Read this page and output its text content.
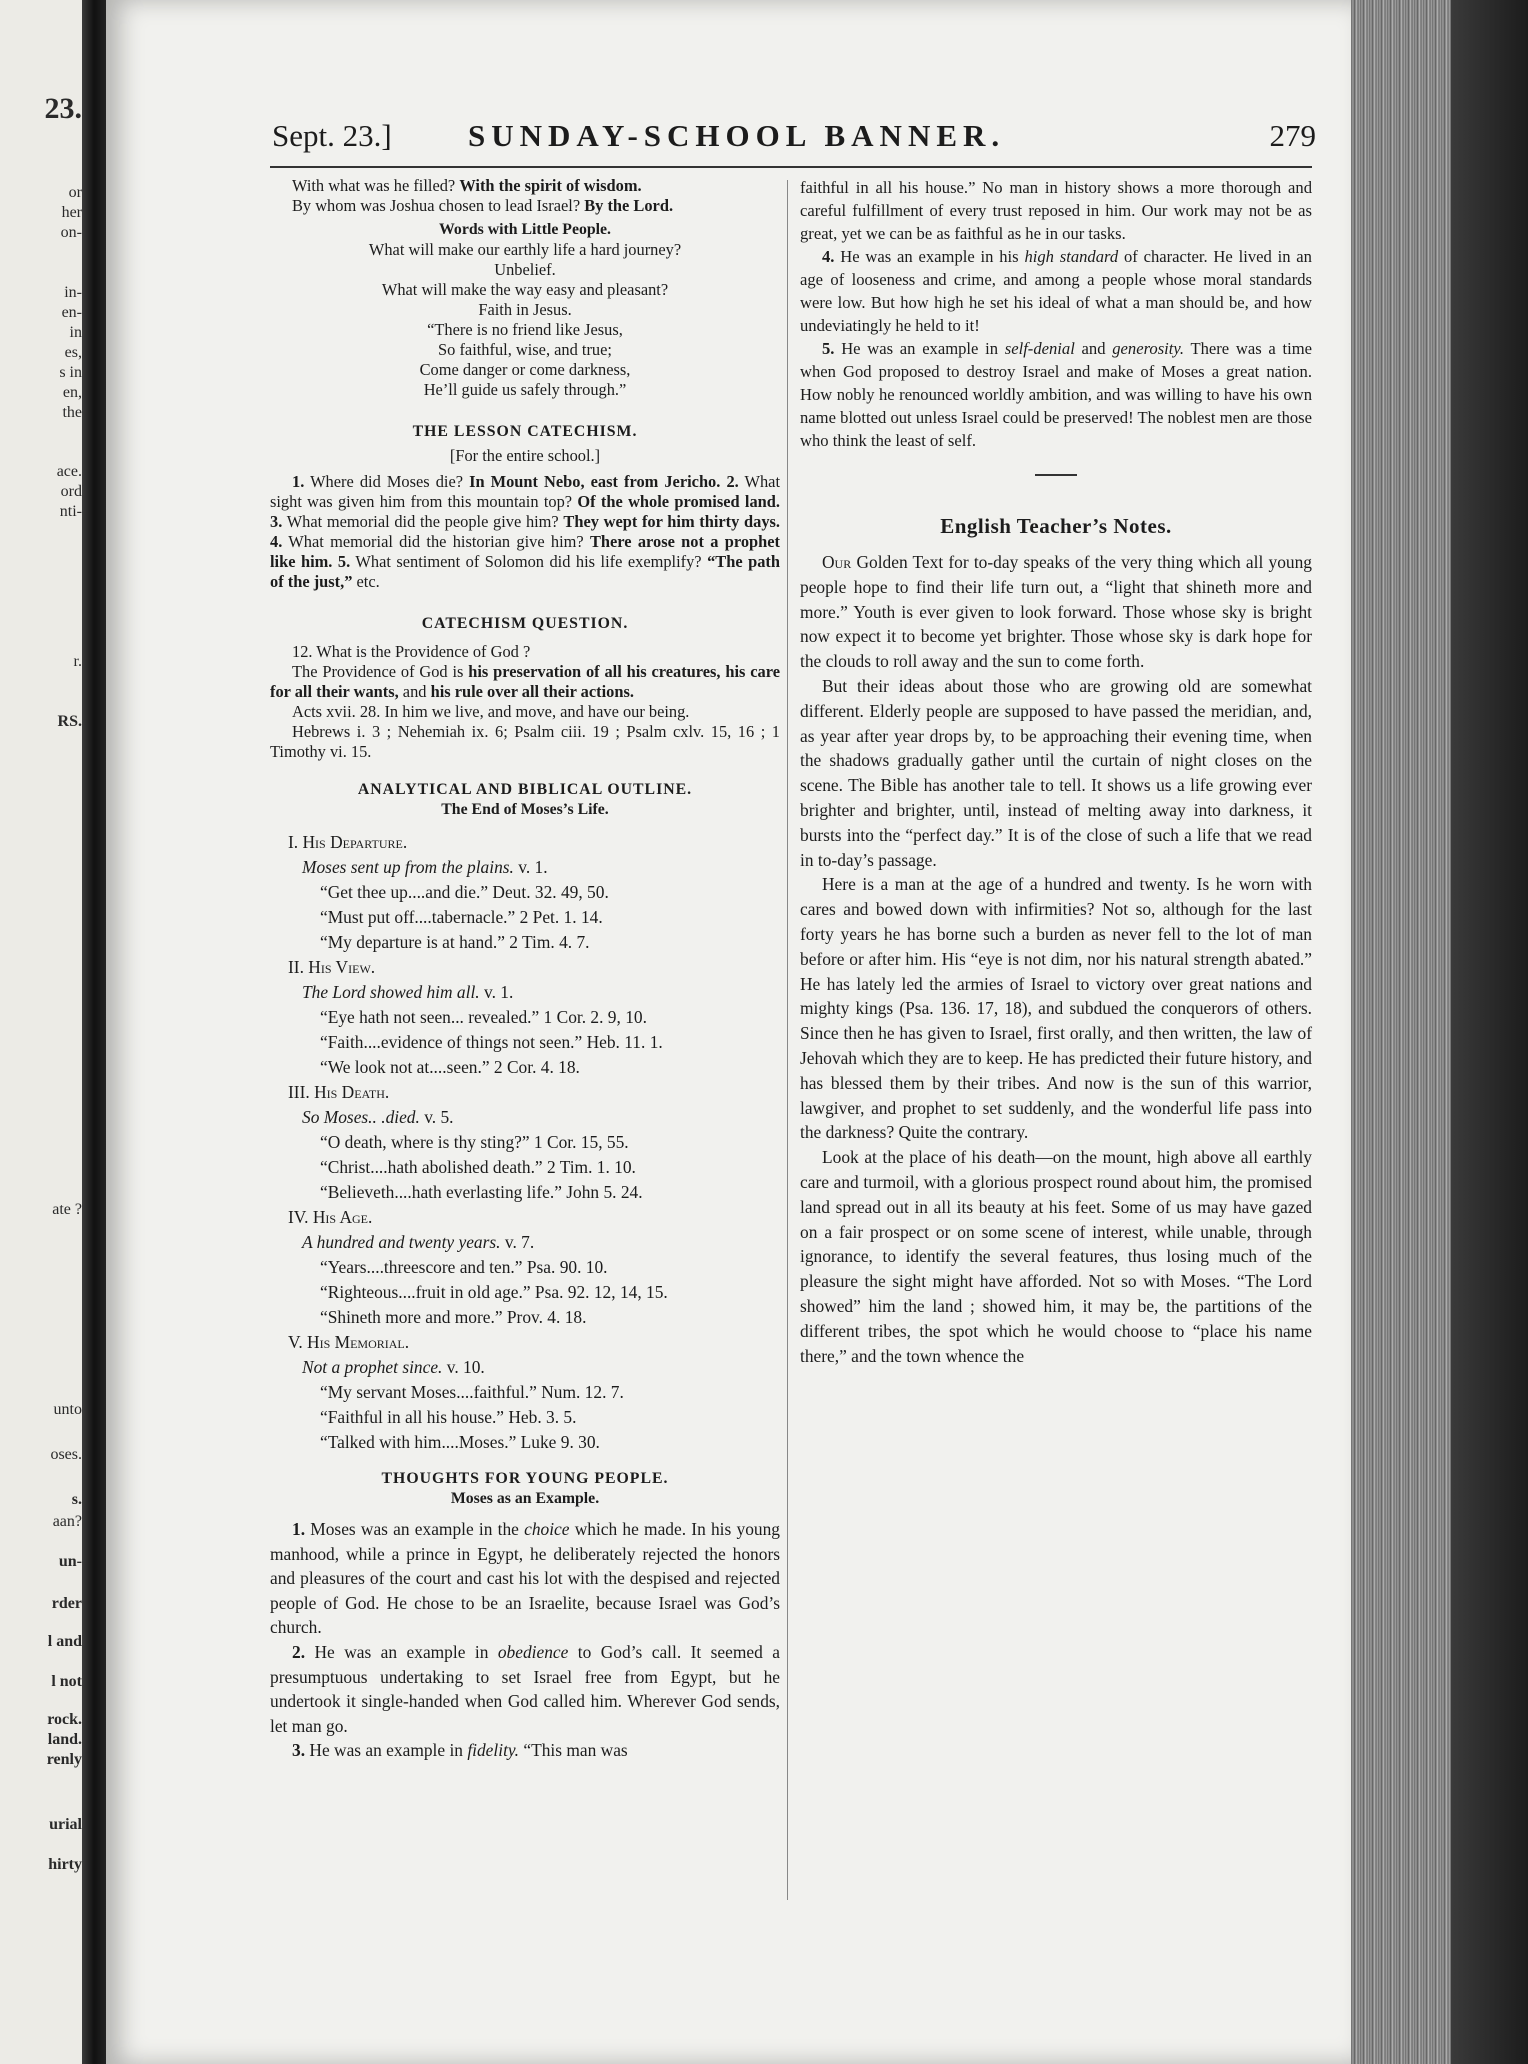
23.
or
her
on-
in-
en-
in
es,
s in
en,
the
ace.
ord
nti-
r.
RS.
ate ?
unto
oses.
s.
aan?
un-
rder
l and
l not
rock.
land.
renly
urial
hirty
Sept. 23.] SUNDAY-SCHOOL BANNER.	279

With what was he filled? With the spirit of wisdom.

By whom was Joshua chosen to lead Israel? By the Lord.

Words with Little People.

What will make our earthly life a hard journey?

Unbelief.

What will make the way easy and pleasant?

Faith in Jesus.

“There is no friend like Jesus,
So faithful, wise, and true;
Come danger or come darkness,
He’ll guide us safely through.”

THE LESSON CATECHISM.

[For the entire school.]

1. Where did Moses die? In Mount Nebo, east from Jericho. 2. What sight was given him from this mountain top? Of the whole promised land. 3. What memorial did the people give him? They wept for him thirty days. 4. What memorial did the historian give him? There arose not a prophet like him. 5. What sentiment of Solomon did his life exemplify? “The path of the just,” etc.

CATECHISM QUESTION.

12. What is the Providence of God ?

The Providence of God is his preservation of all his creatures, his care for all their wants, and his rule over all their actions.

Acts xvii. 28. In him we live, and move, and have our being.

Hebrews i. 3 ; Nehemiah ix. 6; Psalm ciii. 19 ; Psalm cxlv. 15, 16 ; 1 Timothy vi. 15.

ANALYTICAL AND BIBLICAL OUTLINE.

The End of Moses’s Life.

I. His Departure.
Moses sent up from the plains. v. 1.
“Get thee up....and die.” Deut. 32. 49, 50.
“Must put off....tabernacle.” 2 Pet. 1. 14.
“My departure is at hand.” 2 Tim. 4. 7.
II. His View.
The Lord showed him all. v. 1.
“Eye hath not seen... revealed.” 1 Cor. 2. 9, 10.
“Faith....evidence of things not seen.” Heb. 11. 1.
“We look not at....seen.” 2 Cor. 4. 18.
III. His Death.
So Moses.. .died. v. 5.
“O death, where is thy sting?” 1 Cor. 15, 55.
“Christ....hath abolished death.” 2 Tim. 1. 10.
“Believeth....hath everlasting life.” John 5. 24.
IV. His Age.
A hundred and twenty years. v. 7.
“Years....threescore and ten.” Psa. 90. 10.
“Righteous....fruit in old age.” Psa. 92. 12, 14, 15.
“Shineth more and more.” Prov. 4. 18.
V. His Memorial.
Not a prophet since. v. 10.
“My servant Moses....faithful.” Num. 12. 7.
“Faithful in all his house.” Heb. 3. 5.
“Talked with him....Moses.” Luke 9. 30.

THOUGHTS FOR YOUNG PEOPLE.

Moses as an Example.

1. Moses was an example in the choice which he made. In his young manhood, while a prince in Egypt, he deliberately rejected the honors and pleasures of the court and cast his lot with the despised and rejected people of God. He chose to be an Israelite, because Israel was God’s church.

2. He was an example in obedience to God’s call. It seemed a presumptuous undertaking to set Israel free from Egypt, but he undertook it single-handed when God called him. Wherever God sends, let man go.

3. He was an example in fidelity. “This man was

faithful in all his house.” No man in history shows a more thorough and careful fulfillment of every trust reposed in him. Our work may not be as great, yet we can be as faithful as he in our tasks.

4. He was an example in his high standard of character. He lived in an age of looseness and crime, and among a people whose moral standards were low. But how high he set his ideal of what a man should be, and how undeviatingly he held to it!

5. He was an example in self-denial and generosity. There was a time when God proposed to destroy Israel and make of Moses a great nation. How nobly he renounced worldly ambition, and was willing to have his own name blotted out unless Israel could be preserved! The noblest men are those who think the least of self.

English Teacher’s Notes.

Our Golden Text for to-day speaks of the very thing which all young people hope to find their life turn out, a “light that shineth more and more.” Youth is ever given to look forward. Those whose sky is bright now expect it to become yet brighter. Those whose sky is dark hope for the clouds to roll away and the sun to come forth.

But their ideas about those who are growing old are somewhat different. Elderly people are supposed to have passed the meridian, and, as year after year drops by, to be approaching their evening time, when the shadows gradually gather until the curtain of night closes on the scene. The Bible has another tale to tell. It shows us a life growing ever brighter and brighter, until, instead of melting away into darkness, it bursts into the “perfect day.” It is of the close of such a life that we read in to-day’s passage.

Here is a man at the age of a hundred and twenty. Is he worn with cares and bowed down with infirmities? Not so, although for the last forty years he has borne such a burden as never fell to the lot of man before or after him. His “eye is not dim, nor his natural strength abated.” He has lately led the armies of Israel to victory over great nations and mighty kings (Psa. 136. 17, 18), and subdued the conquerors of others. Since then he has given to Israel, first orally, and then written, the law of Jehovah which they are to keep. He has predicted their future history, and has blessed them by their tribes. And now is the sun of this warrior, lawgiver, and prophet to set suddenly, and the wonderful life pass into the darkness? Quite the contrary.

Look at the place of his death—on the mount, high above all earthly care and turmoil, with a glorious prospect round about him, the promised land spread out in all its beauty at his feet. Some of us may have gazed on a fair prospect or on some scene of interest, while unable, through ignorance, to identify the several features, thus losing much of the pleasure the sight might have afforded. Not so with Moses. “The Lord showed” him the land ; showed him, it may be, the partitions of the different tribes, the spot which he would choose to “place his name there,” and the town whence the
